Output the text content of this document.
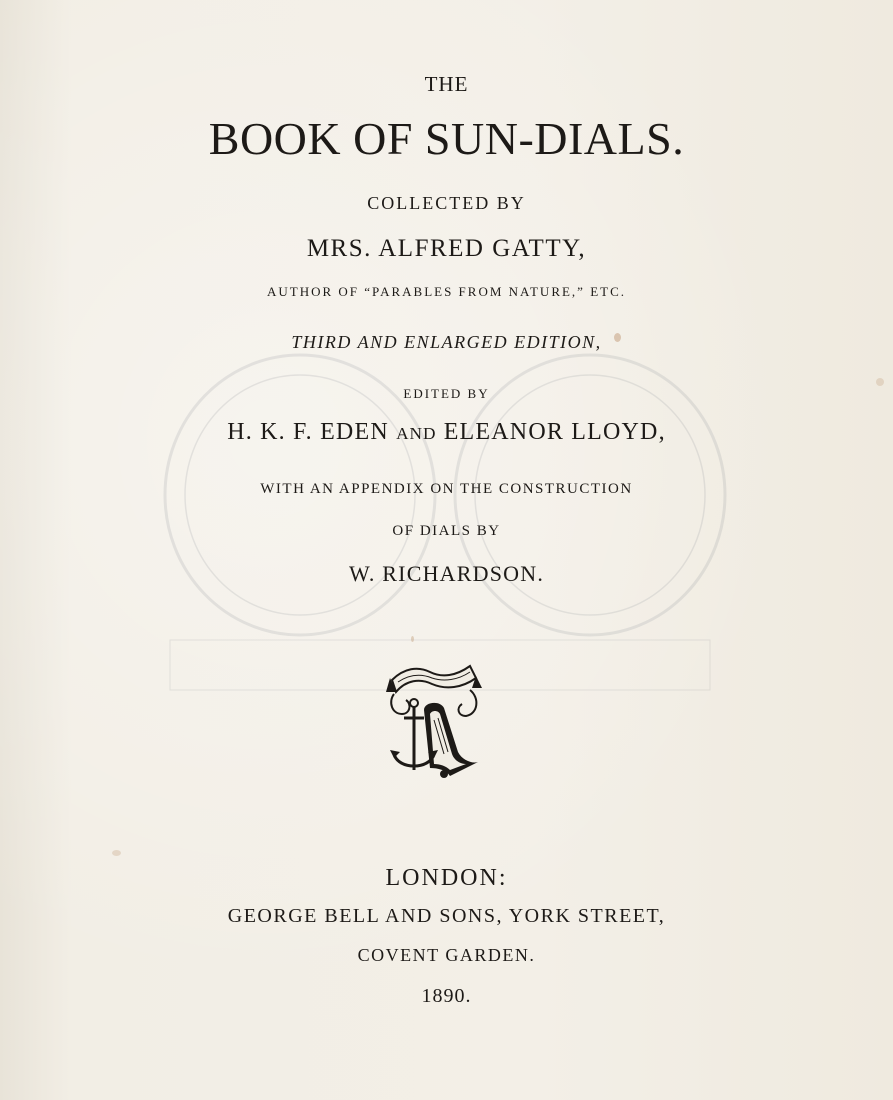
THE
BOOK OF SUN-DIALS.
COLLECTED BY
MRS. ALFRED GATTY,
AUTHOR OF “PARABLES FROM NATURE,” ETC.
THIRD AND ENLARGED EDITION,
EDITED BY
H. K. F. EDEN AND ELEANOR LLOYD,
WITH AN APPENDIX ON THE CONSTRUCTION
OF DIALS BY
W. RICHARDSON.
LONDON:
GEORGE BELL AND SONS, YORK STREET,
COVENT GARDEN.
1890.
